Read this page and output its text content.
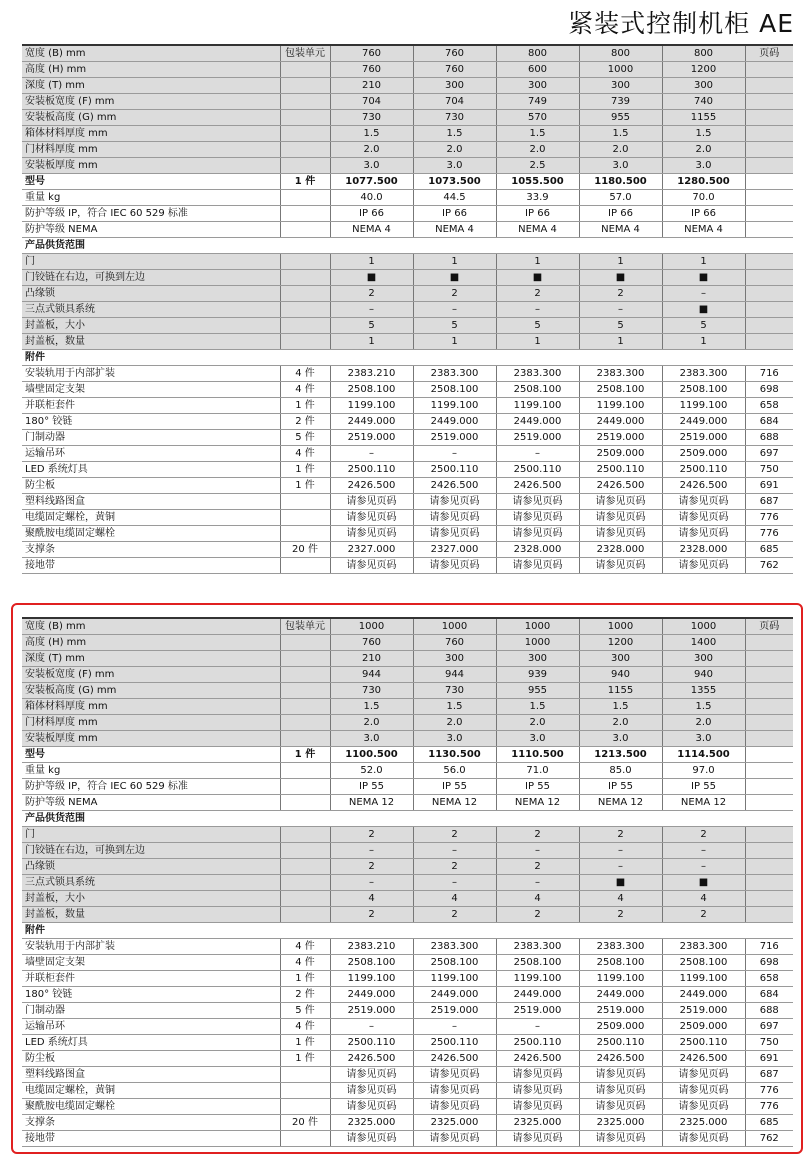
紧装式控制机柜 AE
宽度 (B) mm	包装单元	760	760	800	800	800	页码
高度 (H) mm		760	760	600	1000	1200	
深度 (T) mm		210	300	300	300	300	
安装板宽度 (F) mm		704	704	749	739	740	
安装板高度 (G) mm		730	730	570	955	1155	
箱体材料厚度 mm		1.5	1.5	1.5	1.5	1.5	
门材料厚度 mm		2.0	2.0	2.0	2.0	2.0	
安装板厚度 mm		3.0	3.0	2.5	3.0	3.0	
型号	1 件	1077.500	1073.500	1055.500	1180.500	1280.500	
重量 kg		40.0	44.5	33.9	57.0	70.0	
防护等级 IP，符合 IEC 60 529 标准		IP 66	IP 66	IP 66	IP 66	IP 66	
防护等级 NEMA		NEMA 4	NEMA 4	NEMA 4	NEMA 4	NEMA 4	
产品供货范围							
门		1	1	1	1	1	
门铰链在右边，可换到左边		■	■	■	■	■	
凸缘锁		2	2	2	2	–	
三点式锁具系统		–	–	–	–	■	
封盖板，大小		5	5	5	5	5	
封盖板，数量		1	1	1	1	1	
附件							
安装轨用于内部扩装	4 件	2383.210	2383.300	2383.300	2383.300	2383.300	716
墙壁固定支架	4 件	2508.100	2508.100	2508.100	2508.100	2508.100	698
并联柜套件	1 件	1199.100	1199.100	1199.100	1199.100	1199.100	658
180° 铰链	2 件	2449.000	2449.000	2449.000	2449.000	2449.000	684
门制动器	5 件	2519.000	2519.000	2519.000	2519.000	2519.000	688
运输吊环	4 件	–	–	–	2509.000	2509.000	697
LED 系统灯具	1 件	2500.110	2500.110	2500.110	2500.110	2500.110	750
防尘板	1 件	2426.500	2426.500	2426.500	2426.500	2426.500	691
塑料线路图盒		请参见页码	请参见页码	请参见页码	请参见页码	请参见页码	687
电缆固定螺栓，黄铜		请参见页码	请参见页码	请参见页码	请参见页码	请参见页码	776
聚酰胺电缆固定螺栓		请参见页码	请参见页码	请参见页码	请参见页码	请参见页码	776
支撑条	20 件	2327.000	2327.000	2328.000	2328.000	2328.000	685
接地带		请参见页码	请参见页码	请参见页码	请参见页码	请参见页码	762
宽度 (B) mm	包装单元	1000	1000	1000	1000	1000	页码
高度 (H) mm		760	760	1000	1200	1400	
深度 (T) mm		210	300	300	300	300	
安装板宽度 (F) mm		944	944	939	940	940	
安装板高度 (G) mm		730	730	955	1155	1355	
箱体材料厚度 mm		1.5	1.5	1.5	1.5	1.5	
门材料厚度 mm		2.0	2.0	2.0	2.0	2.0	
安装板厚度 mm		3.0	3.0	3.0	3.0	3.0	
型号	1 件	1100.500	1130.500	1110.500	1213.500	1114.500	
重量 kg		52.0	56.0	71.0	85.0	97.0	
防护等级 IP，符合 IEC 60 529 标准		IP 55	IP 55	IP 55	IP 55	IP 55	
防护等级 NEMA		NEMA 12	NEMA 12	NEMA 12	NEMA 12	NEMA 12	
产品供货范围							
门		2	2	2	2	2	
门铰链在右边，可换到左边		–	–	–	–	–	
凸缘锁		2	2	2	–	–	
三点式锁具系统		–	–	–	■	■	
封盖板，大小		4	4	4	4	4	
封盖板，数量		2	2	2	2	2	
附件							
安装轨用于内部扩装	4 件	2383.210	2383.300	2383.300	2383.300	2383.300	716
墙壁固定支架	4 件	2508.100	2508.100	2508.100	2508.100	2508.100	698
并联柜套件	1 件	1199.100	1199.100	1199.100	1199.100	1199.100	658
180° 铰链	2 件	2449.000	2449.000	2449.000	2449.000	2449.000	684
门制动器	5 件	2519.000	2519.000	2519.000	2519.000	2519.000	688
运输吊环	4 件	–	–	–	2509.000	2509.000	697
LED 系统灯具	1 件	2500.110	2500.110	2500.110	2500.110	2500.110	750
防尘板	1 件	2426.500	2426.500	2426.500	2426.500	2426.500	691
塑料线路图盒		请参见页码	请参见页码	请参见页码	请参见页码	请参见页码	687
电缆固定螺栓，黄铜		请参见页码	请参见页码	请参见页码	请参见页码	请参见页码	776
聚酰胺电缆固定螺栓		请参见页码	请参见页码	请参见页码	请参见页码	请参见页码	776
支撑条	20 件	2325.000	2325.000	2325.000	2325.000	2325.000	685
接地带		请参见页码	请参见页码	请参见页码	请参见页码	请参见页码	762
